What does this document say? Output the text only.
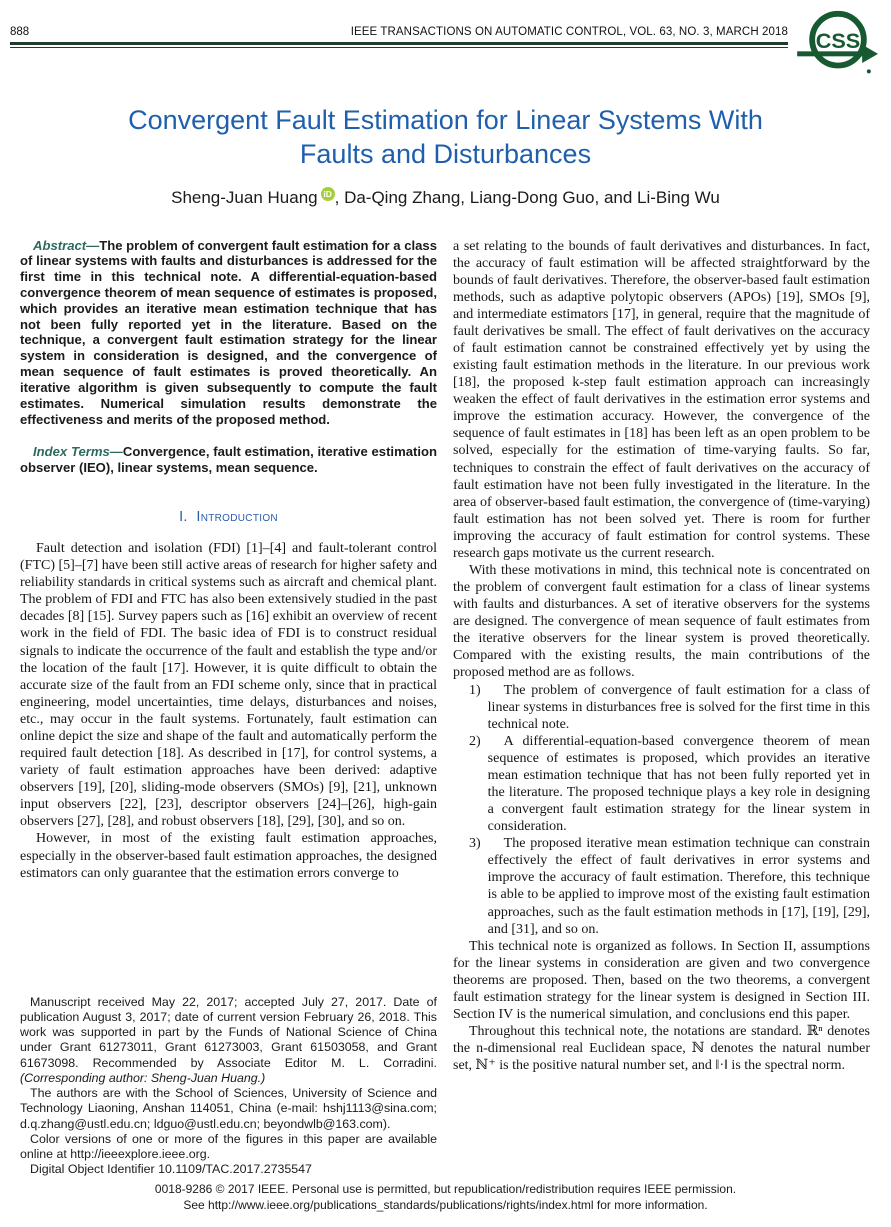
888	IEEE TRANSACTIONS ON AUTOMATIC CONTROL, VOL. 63, NO. 3, MARCH 2018 CSS
Convergent Fault Estimation for Linear Systems With Faults and Disturbances
Sheng-Juan Huang iD , Da-Qing Zhang, Liang-Dong Guo, and Li-Bing Wu

Abstract—The problem of convergent fault estimation for a class of linear systems with faults and disturbances is addressed for the first time in this technical note. A differential-equation-based convergence theorem of mean sequence of estimates is proposed, which provides an iterative mean estimation technique that has not been fully reported yet in the literature. Based on the technique, a convergent fault estimation strategy for the linear system in consideration is designed, and the convergence of mean sequence of fault estimates is proved theoretically. An iterative algorithm is given subsequently to compute the fault estimates. Numerical simulation results demonstrate the effectiveness and merits of the proposed method.

Index Terms—Convergence, fault estimation, iterative estimation observer (IEO), linear systems, mean sequence.

I. Introduction

Fault detection and isolation (FDI) [1]–[4] and fault-tolerant control (FTC) [5]–[7] have been still active areas of research for higher safety and reliability standards in critical systems such as aircraft and chemical plant. The problem of FDI and FTC has also been extensively studied in the past decades [8] [15]. Survey papers such as [16] exhibit an overview of recent work in the field of FDI. The basic idea of FDI is to construct residual signals to indicate the occurrence of the fault and establish the type and/or the location of the fault [17]. However, it is quite difficult to obtain the accurate size of the fault from an FDI scheme only, since that in practical engineering, model uncertainties, time delays, disturbances and noises, etc., may occur in the fault systems. Fortunately, fault estimation can online depict the size and shape of the fault and automatically perform the required fault detection [18]. As described in [17], for control systems, a variety of fault estimation approaches have been derived: adaptive observers [19], [20], sliding-mode observers (SMOs) [9], [21], unknown input observers [22], [23], descriptor observers [24]–[26], high-gain observers [27], [28], and robust observers [18], [29], [30], and so on.

However, in most of the existing fault estimation approaches, especially in the observer-based fault estimation approaches, the designed estimators can only guarantee that the estimation errors converge to

Manuscript received May 22, 2017; accepted July 27, 2017. Date of publication August 3, 2017; date of current version February 26, 2018. This work was supported in part by the Funds of National Science of China under Grant 61273011, Grant 61273003, Grant 61503058, and Grant 61673098. Recommended by Associate Editor M. L. Corradini. (Corresponding author: Sheng-Juan Huang.)

The authors are with the School of Sciences, University of Science and Technology Liaoning, Anshan 114051, China (e-mail: hshj1113@sina.com; d.q.zhang@ustl.edu.cn; ldguo@ustl.edu.cn; beyondwlb@163.com).

Color versions of one or more of the figures in this paper are available online at http://ieeexplore.ieee.org.

Digital Object Identifier 10.1109/TAC.2017.2735547

a set relating to the bounds of fault derivatives and disturbances. In fact, the accuracy of fault estimation will be affected straightforward by the bounds of fault derivatives. Therefore, the observer-based fault estimation methods, such as adaptive polytopic observers (APOs) [19], SMOs [9], and intermediate estimators [17], in general, require that the magnitude of fault derivatives be small. The effect of fault derivatives on the accuracy of fault estimation cannot be constrained effectively yet by using the existing fault estimation methods in the literature. In our previous work [18], the proposed k-step fault estimation approach can increasingly weaken the effect of fault derivatives in the estimation error systems and improve the estimation accuracy. However, the convergence of the sequence of fault estimates in [18] has been left as an open problem to be solved, especially for the estimation of time-varying faults. So far, techniques to constrain the effect of fault derivatives on the accuracy of fault estimation have not been fully investigated in the literature. In the area of observer-based fault estimation, the convergence of (time-varying) fault estimation has not been solved yet. There is room for further improving the accuracy of fault estimation for control systems. These research gaps motivate us the current research.

With these motivations in mind, this technical note is concentrated on the problem of convergent fault estimation for a class of linear systems with faults and disturbances. A set of iterative observers for the systems are designed. The convergence of mean sequence of fault estimates from the iterative observers for the linear system is proved theoretically. Compared with the existing results, the main contributions of the proposed method are as follows.

1)	The problem of convergence of fault estimation for a class of linear systems in disturbances free is solved for the first time in this technical note.
2)	A differential-equation-based convergence theorem of mean sequence of estimates is proposed, which provides an iterative mean estimation technique that has not been fully reported yet in the literature. The proposed technique plays a key role in designing a convergent fault estimation strategy for the linear system in consideration.
3)	The proposed iterative mean estimation technique can constrain effectively the effect of fault derivatives in error systems and improve the accuracy of fault estimation. Therefore, this technique is able to be applied to improve most of the existing fault estimation approaches, such as the fault estimation methods in [17], [19], [29], and [31], and so on.

This technical note is organized as follows. In Section II, assumptions for the linear systems in consideration are given and two convergence theorems are proposed. Then, based on the two theorems, a convergent fault estimation strategy for the linear system is designed in Section III. Section IV is the numerical simulation, and conclusions end this paper.

Throughout this technical note, the notations are standard. ℝⁿ denotes the n-dimensional real Euclidean space, ℕ denotes the natural number set, ℕ⁺ is the positive natural number set, and ‖·‖ is the spectral norm.

0018-9286 © 2017 IEEE. Personal use is permitted, but republication/redistribution requires IEEE permission.
See http://www.ieee.org/publications_standards/publications/rights/index.html for more information.
